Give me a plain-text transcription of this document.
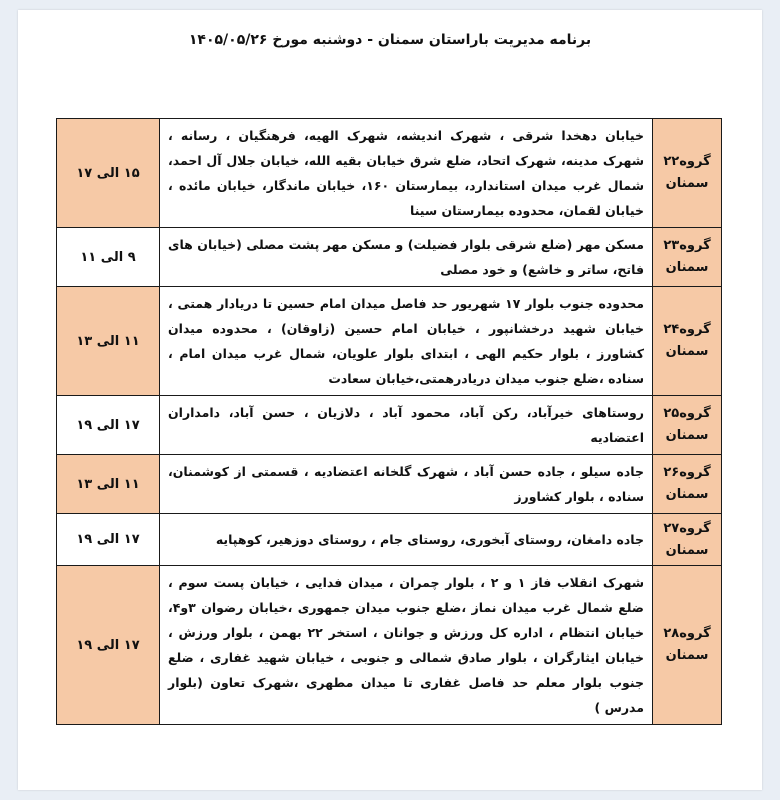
برنامه مدیریت باراستان سمنان - دوشنبه مورخ ۱۴۰۵/۰۵/۲۶
گروه۲۲
سمنان	خیابان دهخدا شرقی ، شهرک اندیشه، شهرک الهیه، فرهنگیان ، رسانه ، شهرک مدینه، شهرک اتحاد، ضلع شرق خیابان بقیه الله، خیابان جلال آل احمد، شمال غرب میدان استاندارد، بیمارستان ۱۶۰، خیابان ماندگار، خیابان مائده ، خیابان لقمان، محدوده بیمارستان سینا	۱۵ الی ۱۷

گروه۲۳
سمنان	مسکن مهر (ضلع شرقی بلوار فضیلت) و مسکن مهر پشت مصلی (خیابان های فاتح، ساتر و خاشع) و خود مصلی	۹ الی ۱۱

گروه۲۴
سمنان	محدوده جنوب بلوار ۱۷ شهریور حد فاصل میدان امام حسین تا دریادار همتی ، خیابان شهید درخشانپور ، خیابان امام حسین (زاوقان) ، محدوده میدان کشاورز ، بلوار حکیم الهی ، ابتدای بلوار علویان، شمال غرب میدان امام ، سناده ،ضلع جنوب میدان دریادرهمتی،خیابان سعادت	۱۱ الی ۱۳

گروه۲۵
سمنان	روستاهای خیرآباد، رکن آباد، محمود آباد ، دلازیان ، حسن آباد، دامداران اعتضادیه	۱۷ الی ۱۹

گروه۲۶
سمنان	جاده سیلو ، جاده حسن آباد ، شهرک گلخانه اعتضادیه ، قسمتی از کوشمنان، سناده ، بلوار کشاورز	۱۱ الی ۱۳

گروه۲۷
سمنان	جاده دامغان، روستای آبخوری، روستای جام ، روستای دوزهیر، کوهپایه	۱۷ الی ۱۹

گروه۲۸
سمنان	شهرک انقلاب فاز ۱ و ۲ ، بلوار چمران ، میدان فدایی ، خیابان پست سوم ، ضلع شمال غرب میدان نماز ،ضلع جنوب میدان جمهوری ،خیابان رضوان ۳و۴، خیابان انتظام ، اداره کل ورزش و جوانان ، استخر ۲۲ بهمن ، بلوار ورزش ، خیابان ایثارگران ، بلوار صادق شمالی و جنوبی ، خیابان شهید غفاری ، ضلع جنوب بلوار معلم حد فاصل غفاری تا میدان مطهری ،شهرک تعاون (بلوار مدرس )	۱۷ الی ۱۹
